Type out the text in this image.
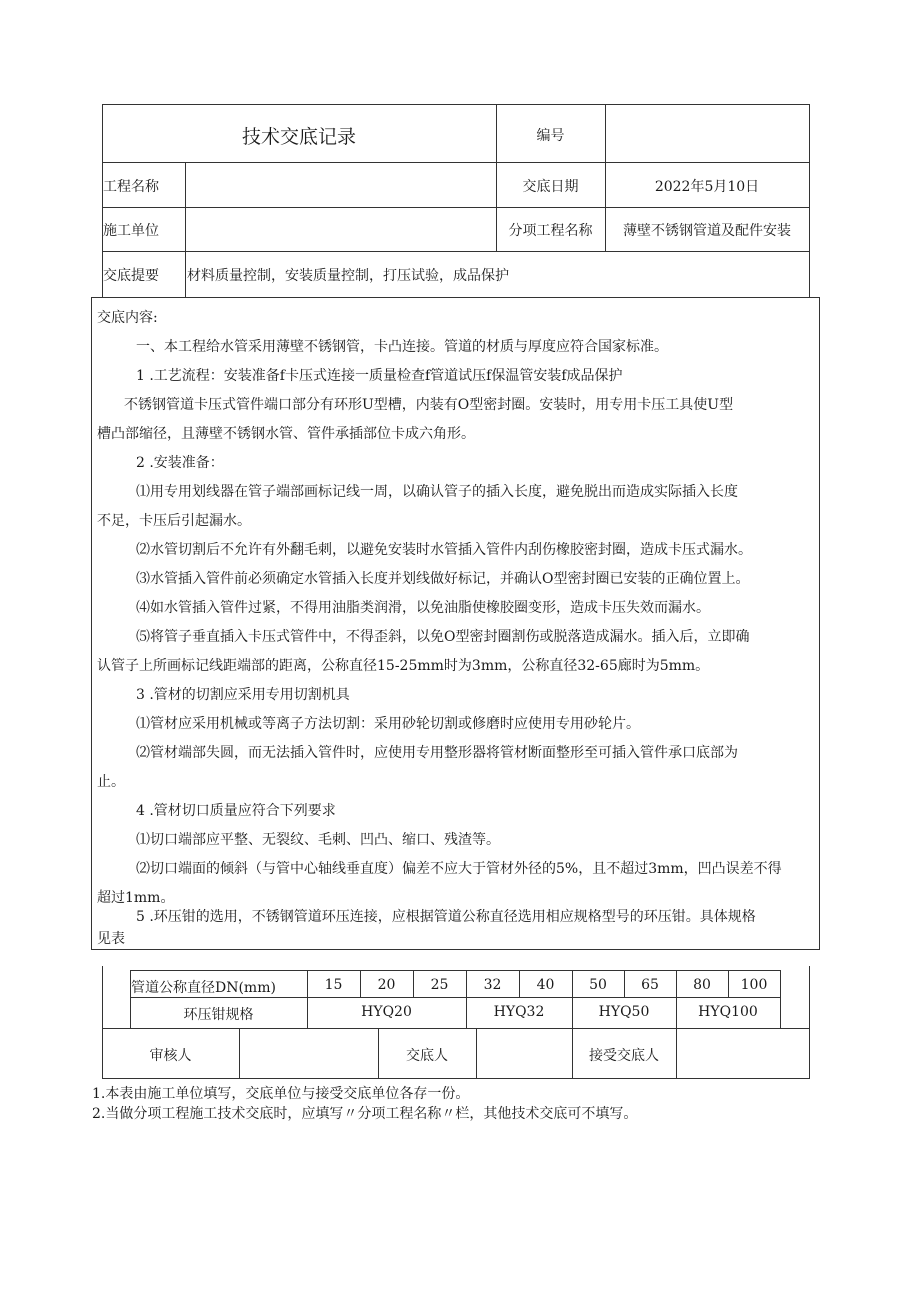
技术交底记录	编号
工程名称	交底日期	2022年5月10日
施工单位	分项工程名称	薄壁不锈钢管道及配件安装
交底提要 材料质量控制，安装质量控制，打压试验，成品保护
交底内容:
一、本工程给水管采用薄壁不锈钢管，卡凸连接。管道的材质与厚度应符合国家标准。
1 .工艺流程：安装准备f卡压式连接一质量检查f管道试压f保温管安装f成品保护
不锈钢管道卡压式管件端口部分有环形U型槽，内装有O型密封圈。安装时，用专用卡压工具使U型
槽凸部缩径，且薄壁不锈钢水管、管件承插部位卡成六角形。
2 .安装准备：
⑴用专用划线器在管子端部画标记线一周，以确认管子的插入长度，避免脱出而造成实际插入长度
不足，卡压后引起漏水。
⑵水管切割后不允许有外翻毛刺，以避免安装时水管插入管件内刮伤橡胶密封圈，造成卡压式漏水。
⑶水管插入管件前必须确定水管插入长度并划线做好标记，并确认O型密封圈已安装的正确位置上。
⑷如水管插入管件过紧，不得用油脂类润滑，以免油脂使橡胶圈变形，造成卡压失效而漏水。
⑸将管子垂直插入卡压式管件中，不得歪斜，以免O型密封圈割伤或脱落造成漏水。插入后，立即确
认管子上所画标记线距端部的距离，公称直径15-25mm时为3mm，公称直径32-65廊时为5mm。
3 .管材的切割应采用专用切割机具
⑴管材应采用机械或等离子方法切割：采用砂轮切割或修磨时应使用专用砂轮片。
⑵管材端部失圆，而无法插入管件时，应使用专用整形器将管材断面整形至可插入管件承口底部为
止。
4 .管材切口质量应符合下列要求
⑴切口端部应平整、无裂纹、毛刺、凹凸、缩口、残渣等。
⑵切口端面的倾斜（与管中心轴线垂直度）偏差不应大于管材外径的5%，且不超过3mm，凹凸误差不得
超过1mm。
5 .环压钳的选用，不锈钢管道环压连接，应根据管道公称直径选用相应规格型号的环压钳。具体规格
见表
管道公称直径DN(mm)	15	20	25	32	40	50	65	80	100
环压钳规格	HYQ20	HYQ32	HYQ50	HYQ100
审核人	交底人	接受交底人
1.本表由施工单位填写，交底单位与接受交底单位各存一份。
2.当做分项工程施工技术交底时，应填写〃分项工程名称〃栏，其他技术交底可不填写。
